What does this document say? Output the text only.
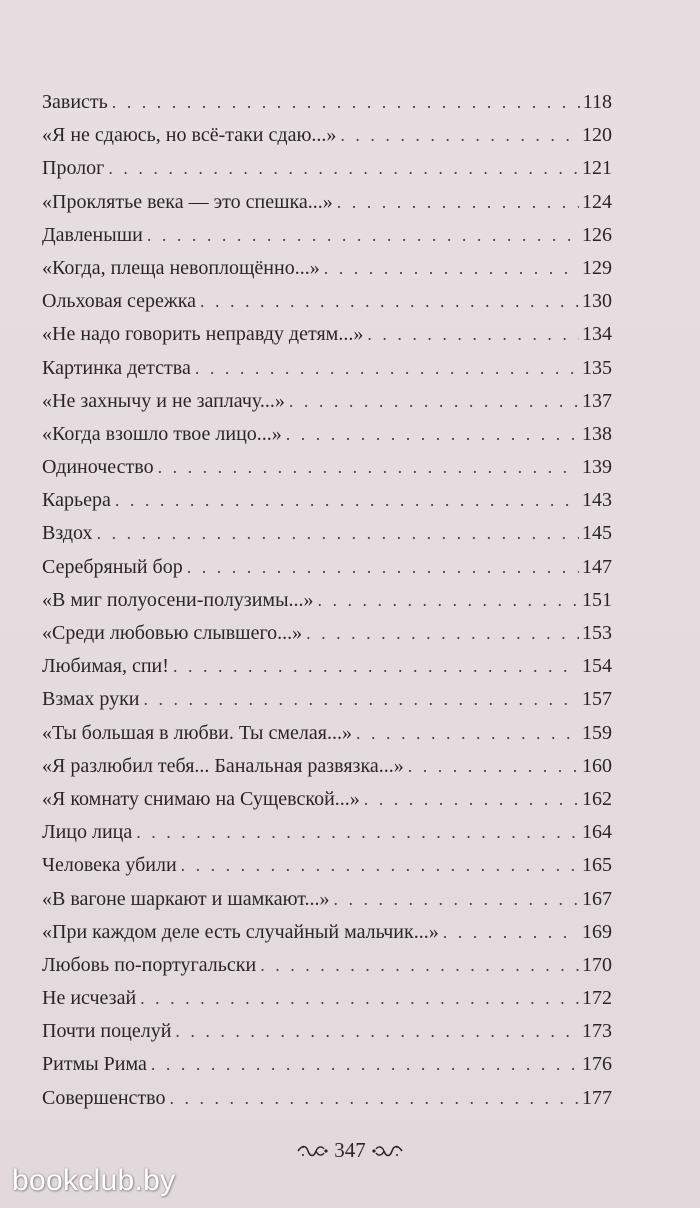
Зависть . . .	118
«Я не сдаюсь, но всё-таки сдаю...» . . .	120
Пролог . . .	121
«Проклятье века — это спешка...» . . .	124
Давленыши . . .	126
«Когда, плеща невоплощённо...» . . .	129
Ольховая сережка . . .	130
«Не надо говорить неправду детям...» . . .	134
Картинка детства . . .	135
«Не захнычу и не заплачу...» . . .	137
«Когда взошло твое лицо...» . . .	138
Одиночество . . .	139
Карьера . . .	143
Вздох . . .	145
Серебряный бор . . .	147
«В миг полуосени-полузимы...» . . .	151
«Среди любовью слывшего...» . . .	153
Любимая, спи! . . .	154
Взмах руки . . .	157
«Ты большая в любви. Ты смелая...» . . .	159
«Я разлюбил тебя... Банальная развязка...» . . .	160
«Я комнату снимаю на Сущевской...» . . .	162
Лицо лица . . .	164
Человека убили . . .	165
«В вагоне шаркают и шамкают...» . . .	167
«При каждом деле есть случайный мальчик...» . . .	169
Любовь по-португальски . . .	170
Не исчезай . . .	172
Почти поцелуй . . .	173
Ритмы Рима . . .	176
Совершенство . . .	177
347
bookclub.by
